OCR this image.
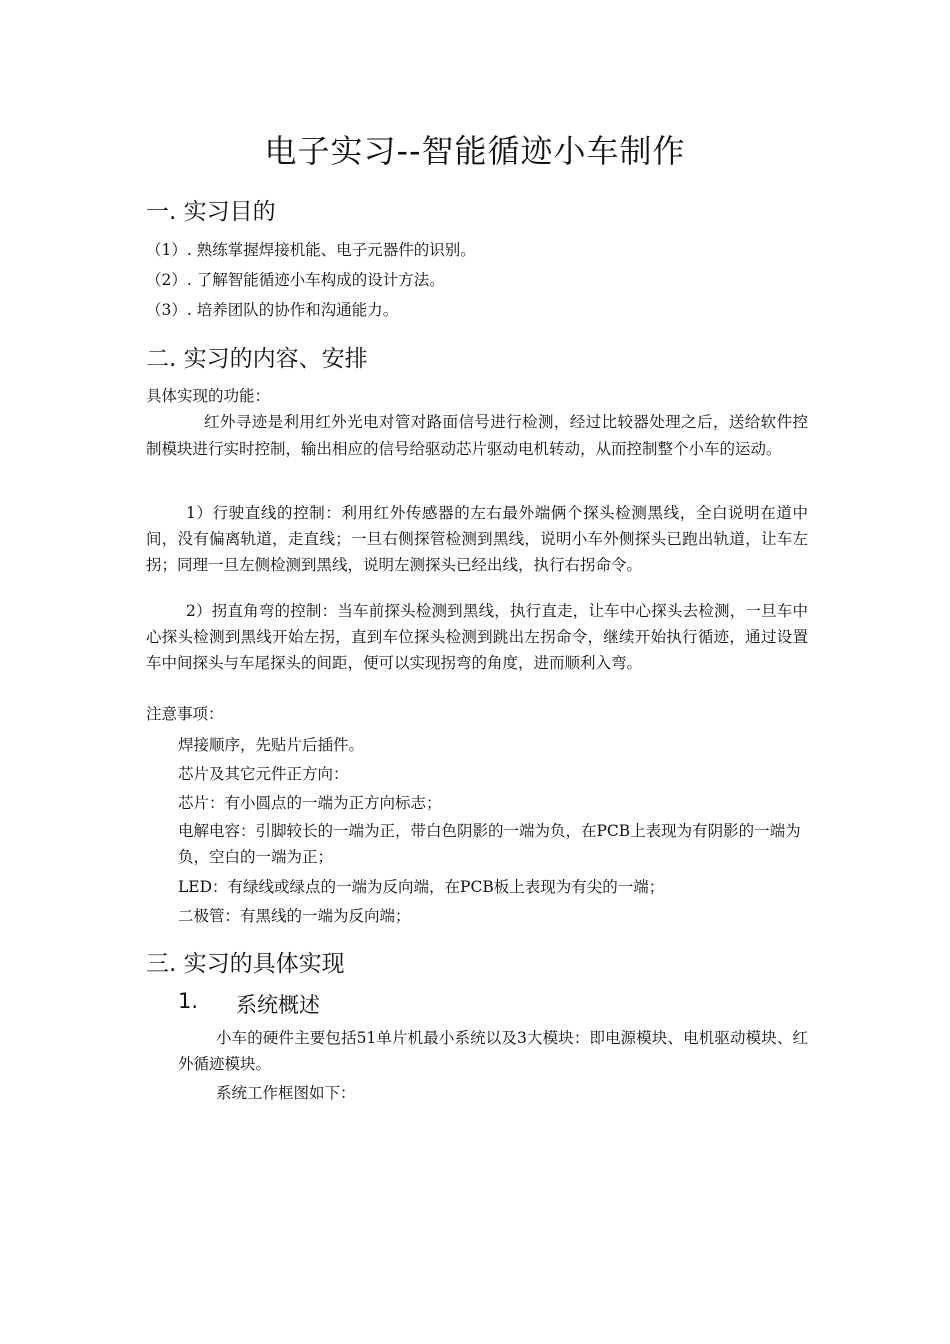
电子实习--智能循迹小车制作
一. 实习目的
（1）. 熟练掌握焊接机能、电子元器件的识别。
（2）. 了解智能循迹小车构成的设计方法。
（3）. 培养团队的协作和沟通能力。
二. 实习的内容、安排
具体实现的功能：
红外寻迹是利用红外光电对管对路面信号进行检测，经过比较器处理之后，送给软件控制模块进行实时控制，输出相应的信号给驱动芯片驱动电机转动，从而控制整个小车的运动。
1）行驶直线的控制：利用红外传感器的左右最外端俩个探头检测黑线，全白说明在道中间，没有偏离轨道，走直线；一旦右侧探管检测到黑线，说明小车外侧探头已跑出轨道，让车左拐；同理一旦左侧检测到黑线，说明左测探头已经出线，执行右拐命令。
2）拐直角弯的控制：当车前探头检测到黑线，执行直走，让车中心探头去检测，一旦车中心探头检测到黑线开始左拐，直到车位探头检测到跳出左拐命令，继续开始执行循迹，通过设置车中间探头与车尾探头的间距，便可以实现拐弯的角度，进而顺利入弯。
注意事项：
焊接顺序，先贴片后插件。
芯片及其它元件正方向：
芯片：有小圆点的一端为正方向标志；
电解电容：引脚较长的一端为正，带白色阴影的一端为负，在PCB上表现为有阴影的一端为负，空白的一端为正；
LED：有绿线或绿点的一端为反向端，在PCB板上表现为有尖的一端；
二极管：有黑线的一端为反向端；
三. 实习的具体实现
1. 系统概述
小车的硬件主要包括51单片机最小系统以及3大模块：即电源模块、电机驱动模块、红外循迹模块。
系统工作框图如下：
